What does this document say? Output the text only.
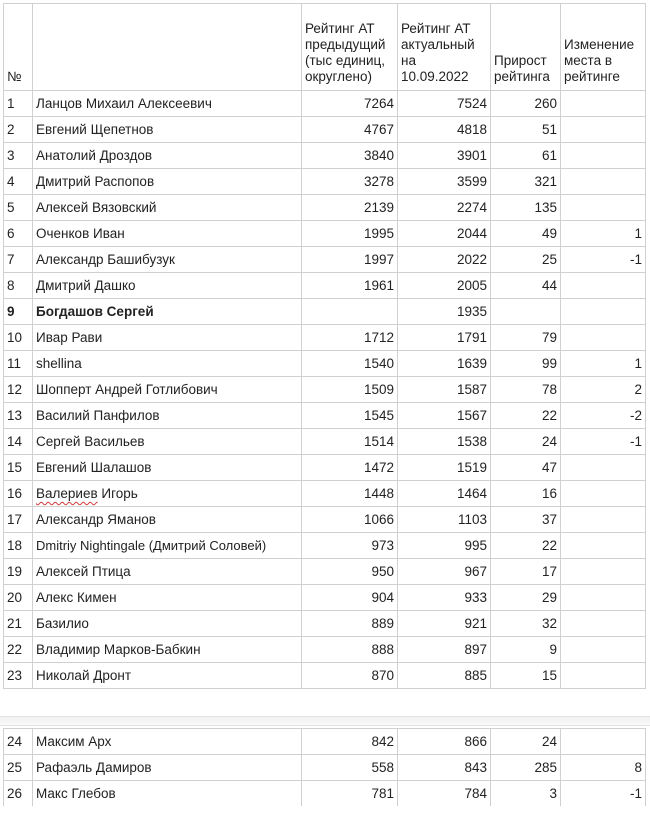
№		Рейтинг АТ предыдущий (тыс единиц, округлено)	Рейтинг АТ актуальный на 10.09.2022	Прирост рейтинга	Изменение места в рейтинге
1	Ланцов Михаил Алексеевич	7264	7524	260	
2	Евгений Щепетнов	4767	4818	51	
3	Анатолий Дроздов	3840	3901	61	
4	Дмитрий Распопов	3278	3599	321	
5	Алексей Вязовский	2139	2274	135	
6	Оченков Иван	1995	2044	49	1
7	Александр Башибузук	1997	2022	25	-1
8	Дмитрий Дашко	1961	2005	44	
9	Богдашов Сергей		1935		
10	Ивар Рави	1712	1791	79	
11	shellina	1540	1639	99	1
12	Шопперт Андрей Готлибович	1509	1587	78	2
13	Василий Панфилов	1545	1567	22	-2
14	Сергей Васильев	1514	1538	24	-1
15	Евгений Шалашов	1472	1519	47	
16	Валериев Игорь	1448	1464	16	
17	Александр Яманов	1066	1103	37	
18	Dmitriy Nightingale (Дмитрий Соловей)	973	995	22	
19	Алексей Птица	950	967	17	
20	Алекс Кимен	904	933	29	
21	Базилио	889	921	32	
22	Владимир Марков-Бабкин	888	897	9	
23	Николай Дронт	870	885	15	
24	Максим Арх	842	866	24	
25	Рафаэль Дамиров	558	843	285	8
26	Макс Глебов	781	784	3	-1
